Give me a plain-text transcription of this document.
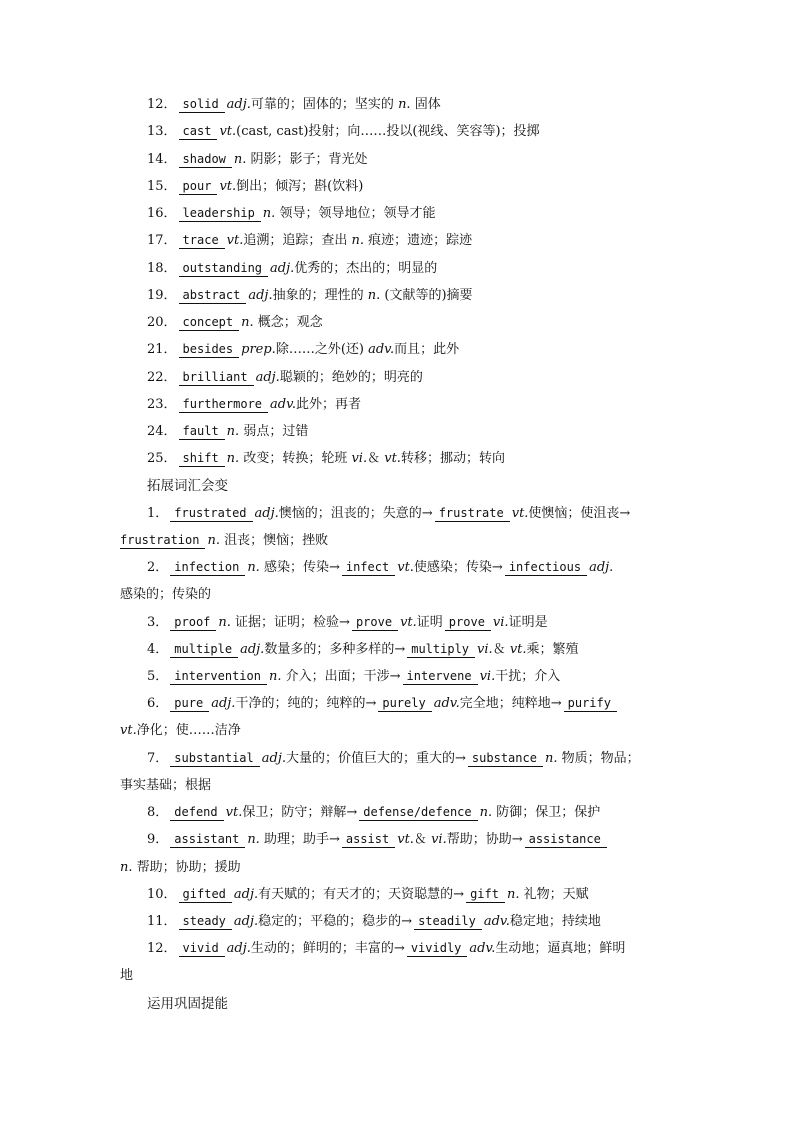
12． solid adj.可靠的；固体的；坚实的 n. 固体
13． cast vt.(cast, cast)投射；向……投以(视线、笑容等)；投掷
14． shadow n. 阴影；影子；背光处
15． pour vt.倒出；倾泻；斟(饮料)
16． leadership n. 领导；领导地位；领导才能
17． trace vt.追溯；追踪；查出 n. 痕迹；遗迹；踪迹
18． outstanding adj.优秀的；杰出的；明显的
19． abstract adj.抽象的；理性的 n. (文献等的)摘要
20． concept n. 概念；观念
21． besides prep.除……之外(还) adv.而且；此外
22． brilliant adj.聪颖的；绝妙的；明亮的
23． furthermore adv.此外；再者
24． fault n. 弱点；过错
25． shift n. 改变；转换；轮班 vi.＆ vt.转移；挪动；转向
拓展词汇会变
1． frustrated adj.懊恼的；沮丧的；失意的→ frustrate vt.使懊恼；使沮丧→
frustration n. 沮丧；懊恼；挫败
2． infection n. 感染；传染→ infect vt.使感染；传染→ infectious adj.
感染的；传染的
3． proof n. 证据；证明；检验→ prove vt.证明 prove vi.证明是
4． multiple adj.数量多的；多种多样的→ multiply vi.＆ vt.乘；繁殖
5． intervention n. 介入；出面；干涉→ intervene vi.干扰；介入
6． pure adj.干净的；纯的；纯粹的→ purely adv.完全地；纯粹地→ purify
vt.净化；使……洁净
7． substantial adj.大量的；价值巨大的；重大的→ substance n. 物质；物品；
事实基础；根据
8． defend vt.保卫；防守；辩解→ defense/defence n. 防御；保卫；保护
9． assistant n. 助理；助手→ assist vt.＆ vi.帮助；协助→ assistance
n. 帮助；协助；援助
10． gifted adj.有天赋的；有天才的；天资聪慧的→ gift n. 礼物；天赋
11． steady adj.稳定的；平稳的；稳步的→ steadily adv.稳定地；持续地
12． vivid adj.生动的；鲜明的；丰富的→ vividly adv.生动地；逼真地；鲜明
地
运用巩固提能
